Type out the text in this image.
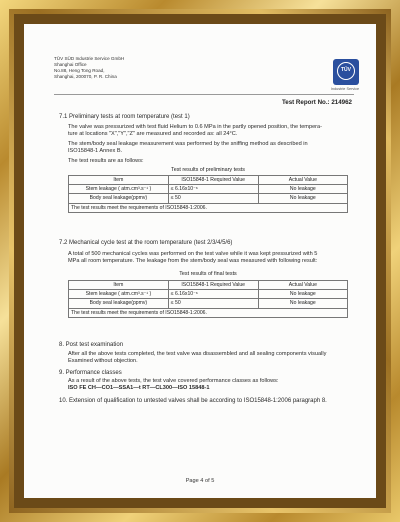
TÜV SÜD Industrie Service GmbH
Shanghai Office
No.88, Heng Tong Road,
Shanghai, 200070, P. R. China
TÜV
Industrie Service
Test Report No.: 214962
7.1 Preliminary tests at room temperature (test 1)
The valve was pressurized with test fluid Helium to 0.6 MPa in the partly opened position, the tempera-
ture at locations "X","Y","Z" are measured and recorded as: all 24°C.
The stem/body seal leakage measurement was performed by the sniffing method as described in
ISO15848-1 Annex B.
The test results are as follows:
Test results of preliminary tests
Item	ISO15848-1 Required Value	Actual Value
Stem leakage ( atm.cm³.s⁻¹ )	≤ 6.16x10⁻⁶	No leakage
Body seal leakage(ppmv)	≤ 50	No leakage
The test results meet the requirements of ISO15848-1:2006.		
7.2 Mechanical cycle test at the room temperature (test 2/3/4/5/6)
A total of 500 mechanical cycles was performed on the test valve while it was kept pressurized with 5
MPa all room temperature. The leakage from the stem/body seal was measured with following result:
Test results of final tests
Item	ISO15848-1 Required Value	Actual Value
Stem leakage ( atm.cm³.s⁻¹ )	≤ 6.16x10⁻⁶	No leakage
Body seal leakage(ppmv)	≤ 50	No leakage
The test results meet the requirements of ISO15848-1:2006.		
8. Post test examination
After all the above tests completed, the test valve was disassembled and all sealing components visually
Examined without objection.
9. Performance classes
As a result of the above tests, the test valve covered performance classes as follows:
ISO FE CH—CO1—SSA1—t RT—CL300—ISO 15848-1
10. Extension of qualification to untested valves shall be according to ISO15848-1:2006 paragraph 8.
Page 4 of 5
